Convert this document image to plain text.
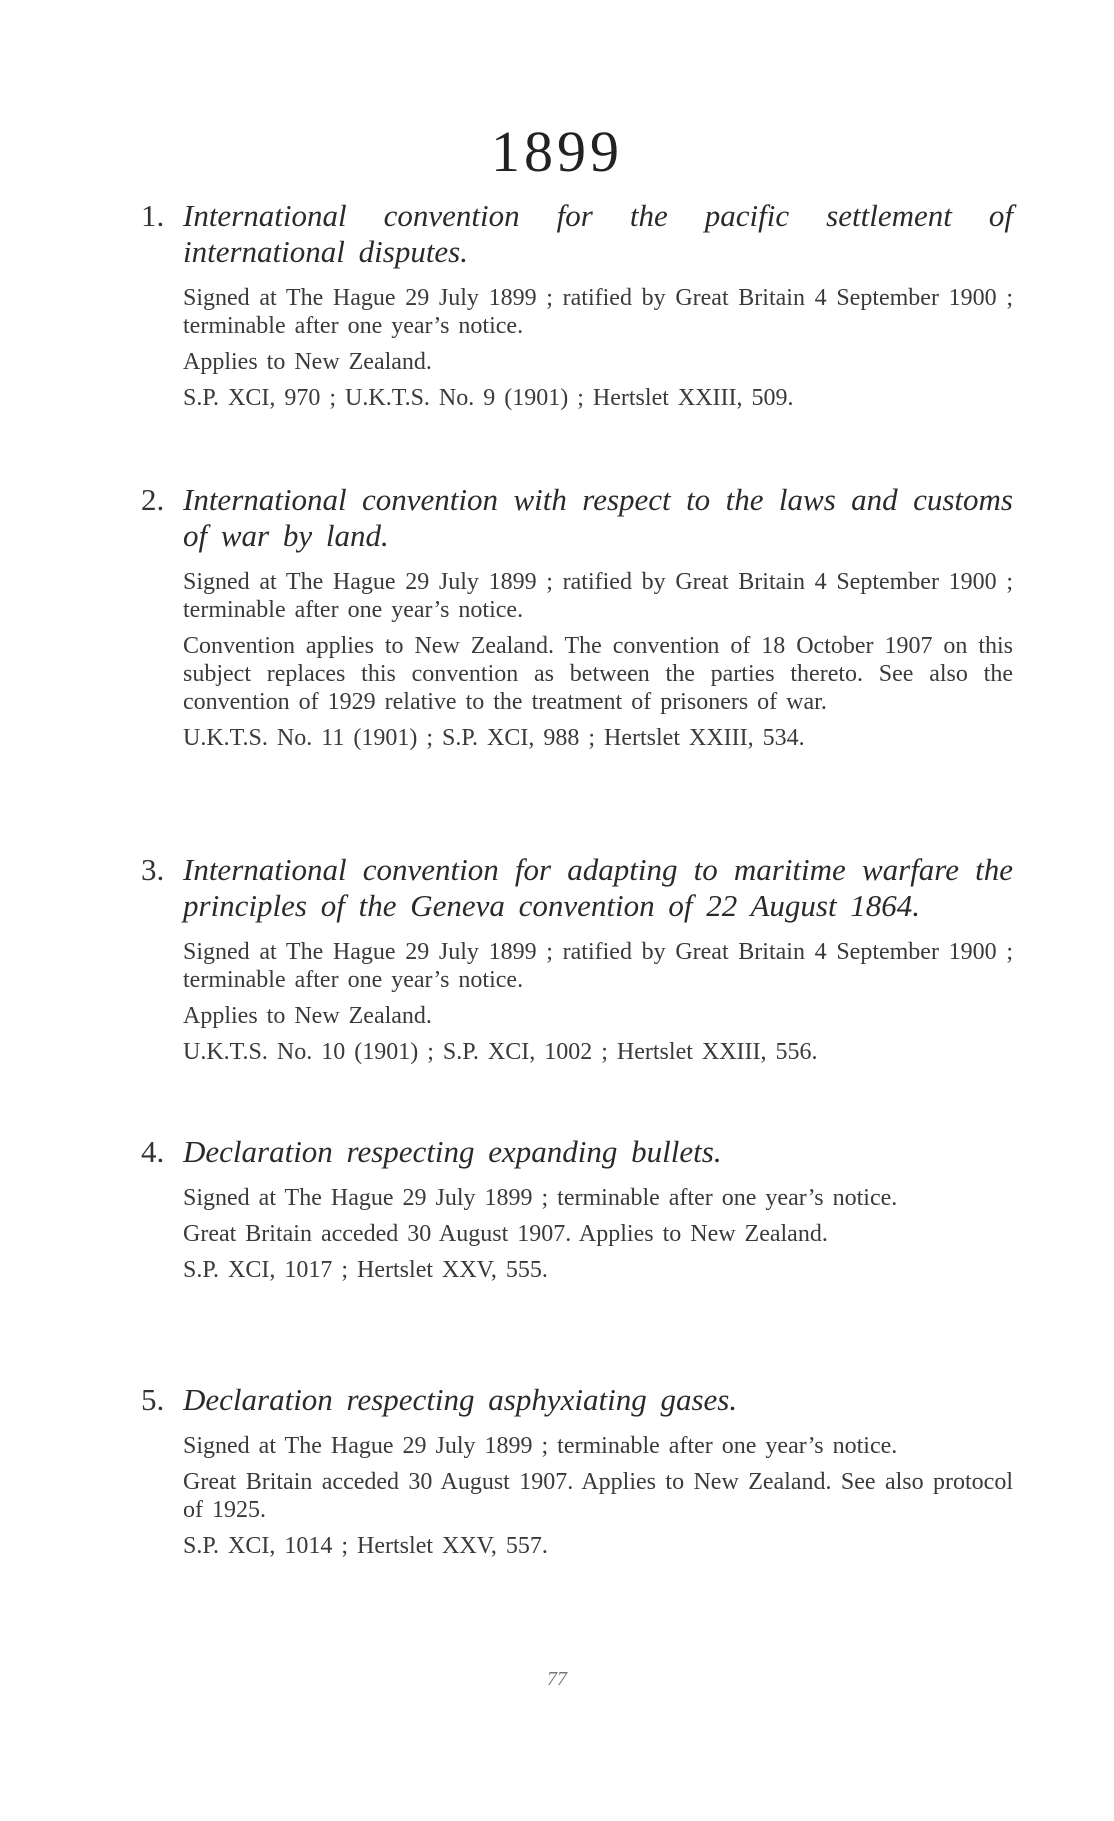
1899
1. International convention for the pacific settlement of international disputes.
Signed at The Hague 29 July 1899 ; ratified by Great Britain 4 September 1900 ; terminable after one year’s notice.
Applies to New Zealand.
S.P. XCI, 970 ; U.K.T.S. No. 9 (1901) ; Hertslet XXIII, 509.
2. International convention with respect to the laws and customs of war by land.
Signed at The Hague 29 July 1899 ; ratified by Great Britain 4 September 1900 ; terminable after one year’s notice.
Convention applies to New Zealand. The convention of 18 October 1907 on this subject replaces this convention as between the parties thereto. See also the convention of 1929 relative to the treatment of prisoners of war.
U.K.T.S. No. 11 (1901) ; S.P. XCI, 988 ; Hertslet XXIII, 534.
3. International convention for adapting to maritime warfare the principles of the Geneva convention of 22 August 1864.
Signed at The Hague 29 July 1899 ; ratified by Great Britain 4 September 1900 ; terminable after one year’s notice.
Applies to New Zealand.
U.K.T.S. No. 10 (1901) ; S.P. XCI, 1002 ; Hertslet XXIII, 556.
4. Declaration respecting expanding bullets.
Signed at The Hague 29 July 1899 ; terminable after one year’s notice.
Great Britain acceded 30 August 1907. Applies to New Zealand.
S.P. XCI, 1017 ; Hertslet XXV, 555.
5. Declaration respecting asphyxiating gases.
Signed at The Hague 29 July 1899 ; terminable after one year’s notice.
Great Britain acceded 30 August 1907. Applies to New Zealand. See also protocol of 1925.
S.P. XCI, 1014 ; Hertslet XXV, 557.
77
